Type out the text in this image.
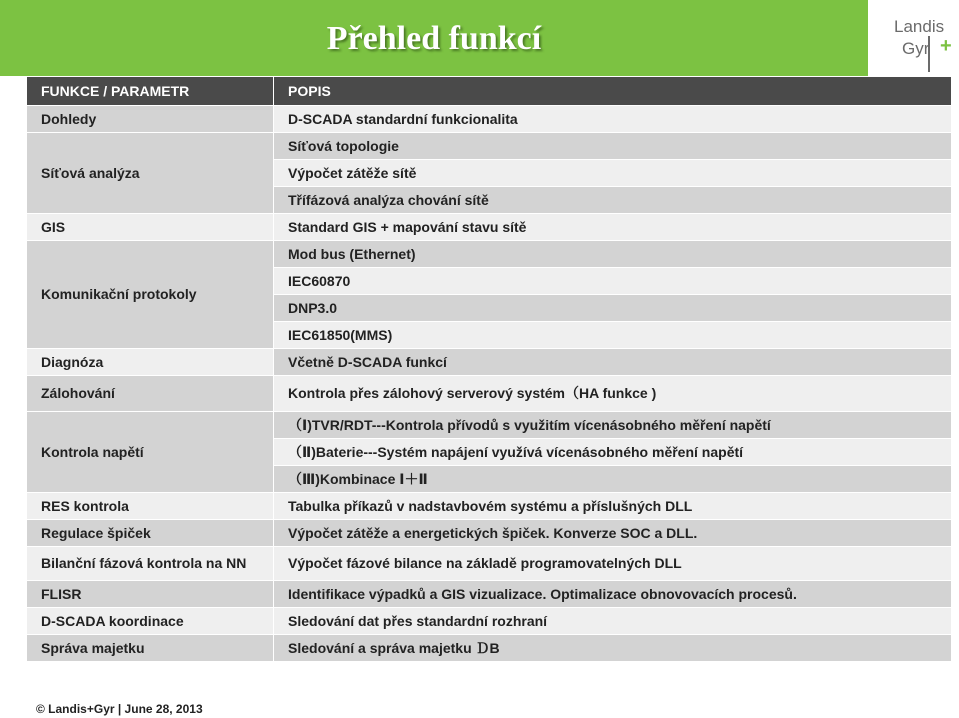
Přehled funkcí	Landis
Gyr +
FUNKCE / PARAMETR	POPIS
Dohledy	D-SCADA standardní funkcionalita
Síťová analýza	Síťová topologie
	Výpočet zátěže sítě
	Třífázová analýza chování sítě
GIS	Standard GIS + mapování stavu sítě
Komunikační protokoly	Mod bus (Ethernet)
	IEC60870
	DNP3.0
	IEC61850(MMS)
Diagnóza	Včetně D-SCADA funkcí
Zálohování	Kontrola přes zálohový serverový systém（HA funkce )
Kontrola napětí	（Ⅰ)TVR/RDT---Kontrola přívodů s využitím vícenásobného měření napětí
	（Ⅱ)Baterie---Systém napájení využívá vícenásobného měření napětí
	（Ⅲ)Kombinace Ⅰ＋Ⅱ
RES kontrola	Tabulka příkazů v nadstavbovém systému a příslušných DLL
Regulace špiček	Výpočet zátěže a energetických špiček. Konverze SOC a DLL.
Bilanční fázová kontrola na NN	Výpočet fázové bilance na základě programovatelných DLL
FLISR	Identifikace výpadků a GIS vizualizace. Optimalizace obnovovacích procesů.
D-SCADA koordinace	Sledování dat přes standardní rozhraní
Správa majetku	Sledování a správa majetku ＤB
© Landis+Gyr | June 28, 2013
